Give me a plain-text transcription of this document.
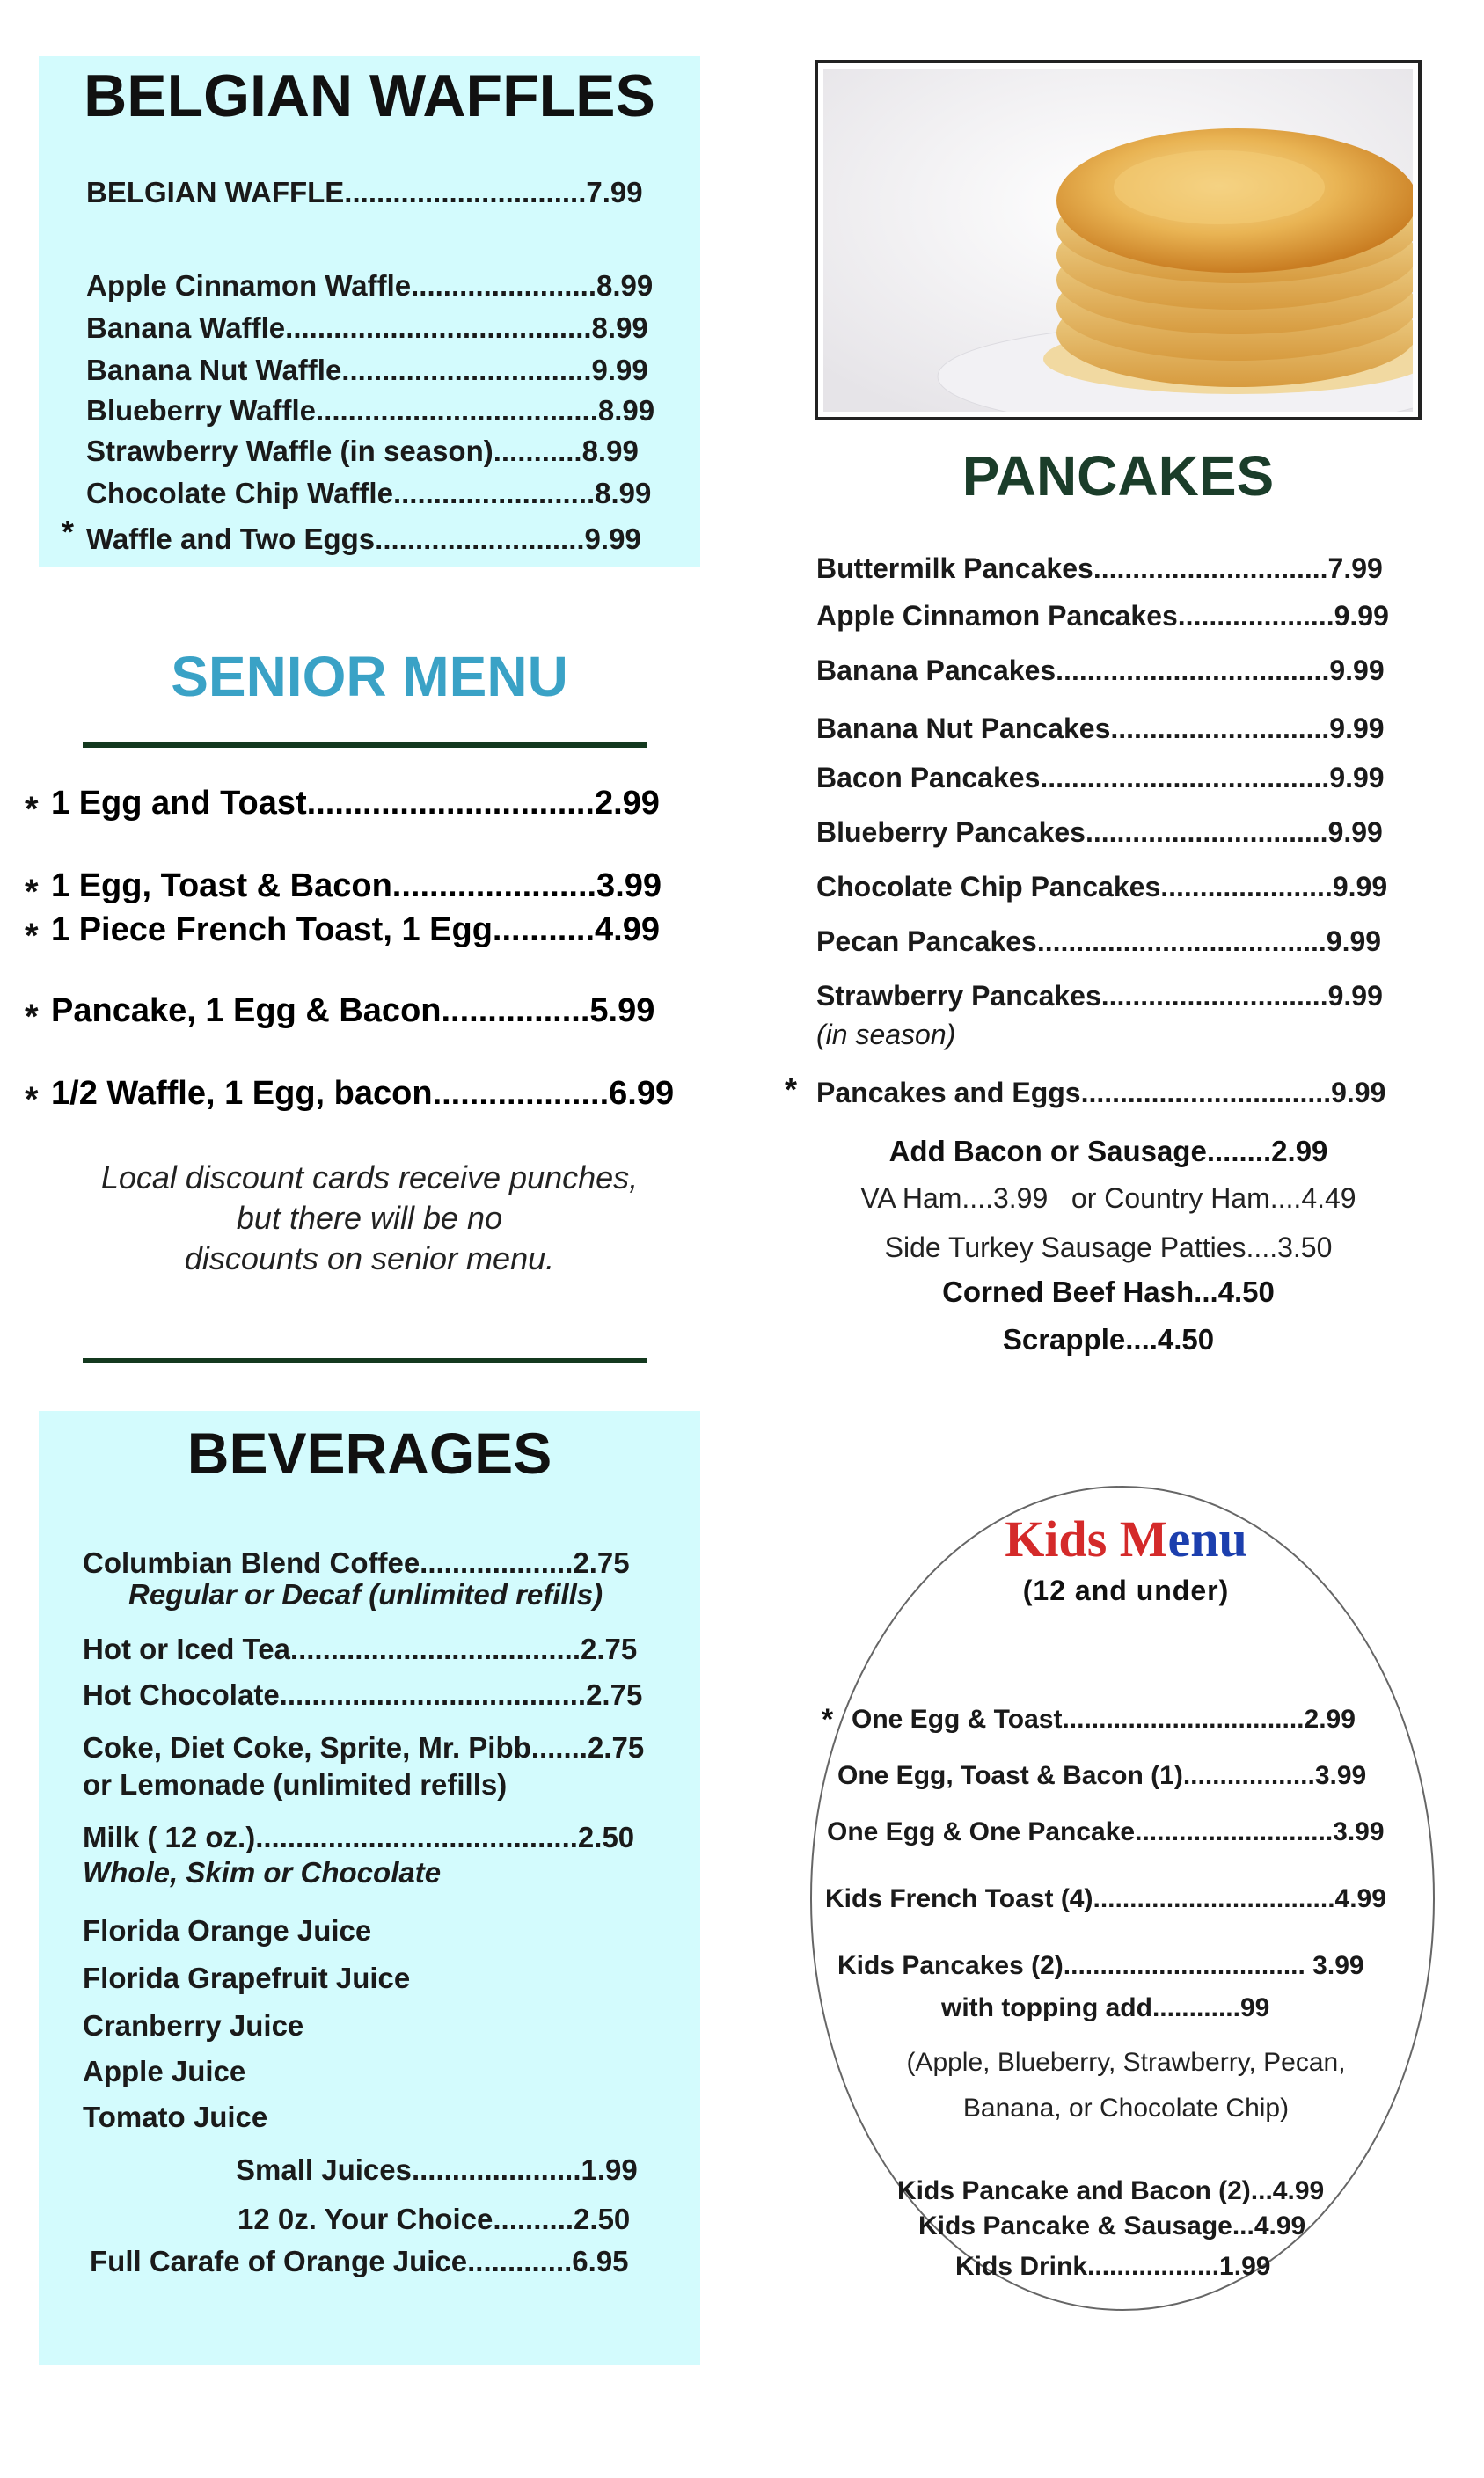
BELGIAN WAFFLES
BELGIAN WAFFLE..............................7.99
Apple Cinnamon Waffle.......................8.99
Banana Waffle......................................8.99
Banana Nut Waffle...............................9.99
Blueberry Waffle...................................8.99
Strawberry Waffle (in season)...........8.99
Chocolate Chip Waffle.........................8.99
* Waffle and Two Eggs..........................9.99
SENIOR MENU
* 1 Egg and Toast...............................2.99
* 1 Egg, Toast & Bacon......................3.99
* 1 Piece French Toast, 1 Egg...........4.99
* Pancake, 1 Egg & Bacon................5.99
* 1/2 Waffle, 1 Egg, bacon...................6.99
Local discount cards receive punches,
but there will be no
discounts on senior menu.
BEVERAGES
Columbian Blend Coffee...................2.75
Regular or Decaf (unlimited refills)
Hot or Iced Tea....................................2.75
Hot Chocolate......................................2.75
Coke, Diet Coke, Sprite, Mr. Pibb.......2.75
or Lemonade (unlimited refills)
Milk ( 12 oz.)........................................2.50
Whole, Skim or Chocolate
Florida Orange Juice
Florida Grapefruit Juice
Cranberry Juice
Apple Juice
Tomato Juice
Small Juices.....................1.99
12 0z. Your Choice..........2.50
Full Carafe of Orange Juice.............6.95
PANCAKES
Buttermilk Pancakes..............................7.99
Apple Cinnamon Pancakes....................9.99
Banana Pancakes...................................9.99
Banana Nut Pancakes............................9.99
Bacon Pancakes.....................................9.99
Blueberry Pancakes...............................9.99
Chocolate Chip Pancakes......................9.99
Pecan Pancakes.....................................9.99
Strawberry Pancakes.............................9.99
(in season)
* Pancakes and Eggs................................9.99
Add Bacon or Sausage........2.99
VA Ham....3.99   or Country Ham....4.49
Side Turkey Sausage Patties....3.50
Corned Beef Hash...4.50
Scrapple....4.50
Kids Menu
(12 and under)
* One Egg & Toast.................................2.99
One Egg, Toast & Bacon (1)..................3.99
One Egg & One Pancake...........................3.99
Kids French Toast (4).................................4.99
Kids Pancakes (2)................................. 3.99
with topping add............99
(Apple, Blueberry, Strawberry, Pecan,
Banana, or Chocolate Chip)
Kids Pancake and Bacon (2)...4.99
Kids Pancake & Sausage...4.99
Kids Drink..................1.99
